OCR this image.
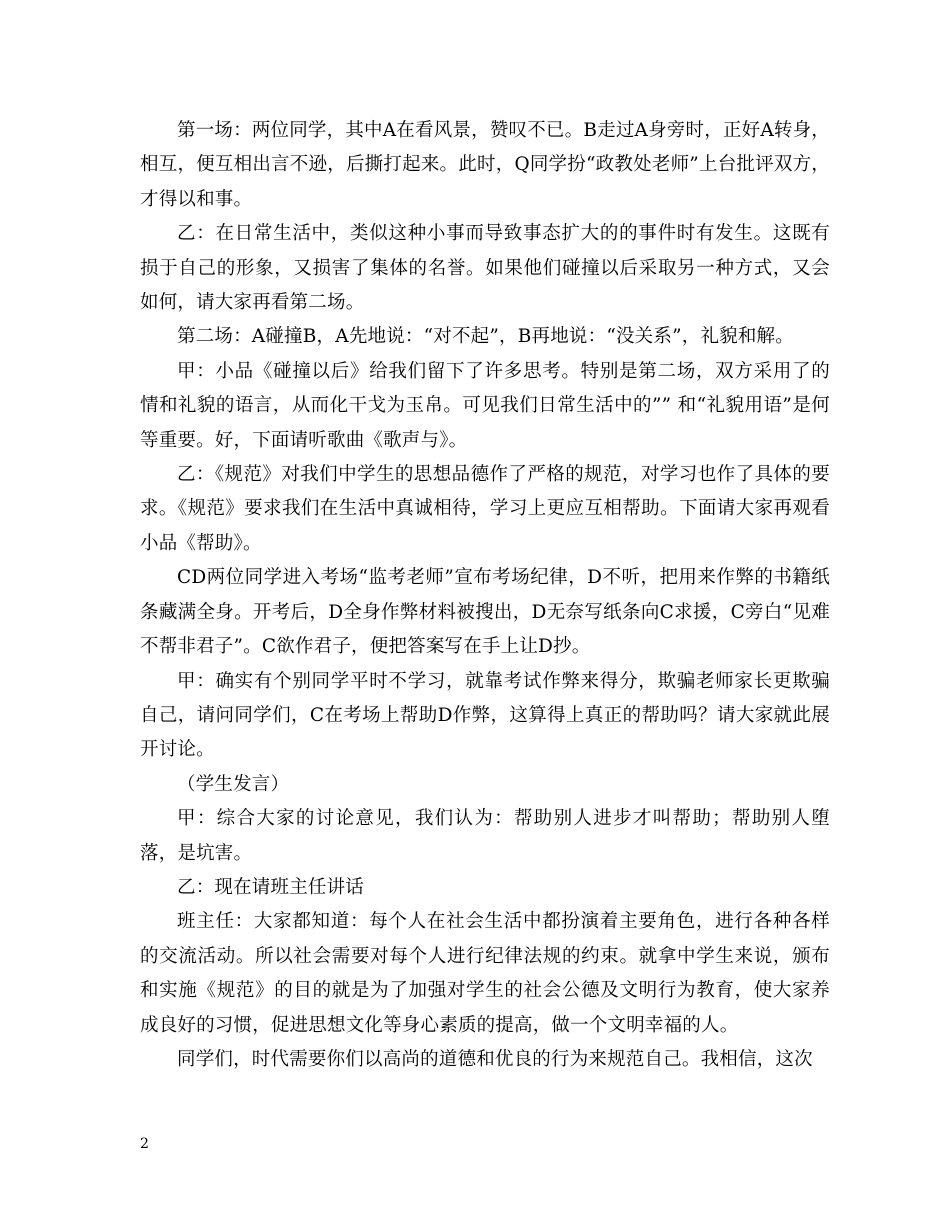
第一场：两位同学，其中A在看风景，赞叹不已。B走过A身旁时，正好A转身，相互，便互相出言不逊，后撕打起来。此时，Q同学扮“政教处老师”上台批评双方，才得以和事。

乙：在日常生活中，类似这种小事而导致事态扩大的的事件时有发生。这既有损于自己的形象，又损害了集体的名誉。如果他们碰撞以后采取另一种方式，又会如何，请大家再看第二场。

第二场：A碰撞B，A先地说：“对不起”，B再地说：“没关系”，礼貌和解。

甲：小品《碰撞以后》给我们留下了许多思考。特别是第二场，双方采用了的情和礼貌的语言，从而化干戈为玉帛。可见我们日常生活中的”” 和“礼貌用语”是何等重要。好，下面请听歌曲《歌声与》。

乙：《规范》对我们中学生的思想品德作了严格的规范，对学习也作了具体的要求。《规范》要求我们在生活中真诚相待，学习上更应互相帮助。下面请大家再观看小品《帮助》。

CD两位同学进入考场“监考老师”宣布考场纪律，D不听，把用来作弊的书籍纸条藏满全身。开考后，D全身作弊材料被搜出，D无奈写纸条向C求援，C旁白“见难不帮非君子”。C欲作君子，便把答案写在手上让D抄。

甲：确实有个别同学平时不学习，就靠考试作弊来得分，欺骗老师家长更欺骗自己，请问同学们，C在考场上帮助D作弊，这算得上真正的帮助吗？请大家就此展开讨论。

（学生发言）

甲：综合大家的讨论意见，我们认为：帮助别人进步才叫帮助；帮助别人堕落，是坑害。

乙：现在请班主任讲话

班主任：大家都知道：每个人在社会生活中都扮演着主要角色，进行各种各样的交流活动。所以社会需要对每个人进行纪律法规的约束。就拿中学生来说，颁布和实施《规范》的目的就是为了加强对学生的社会公德及文明行为教育，使大家养成良好的习惯，促进思想文化等身心素质的提高，做一个文明幸福的人。

同学们，时代需要你们以高尚的道德和优良的行为来规范自己。我相信，这次

2
